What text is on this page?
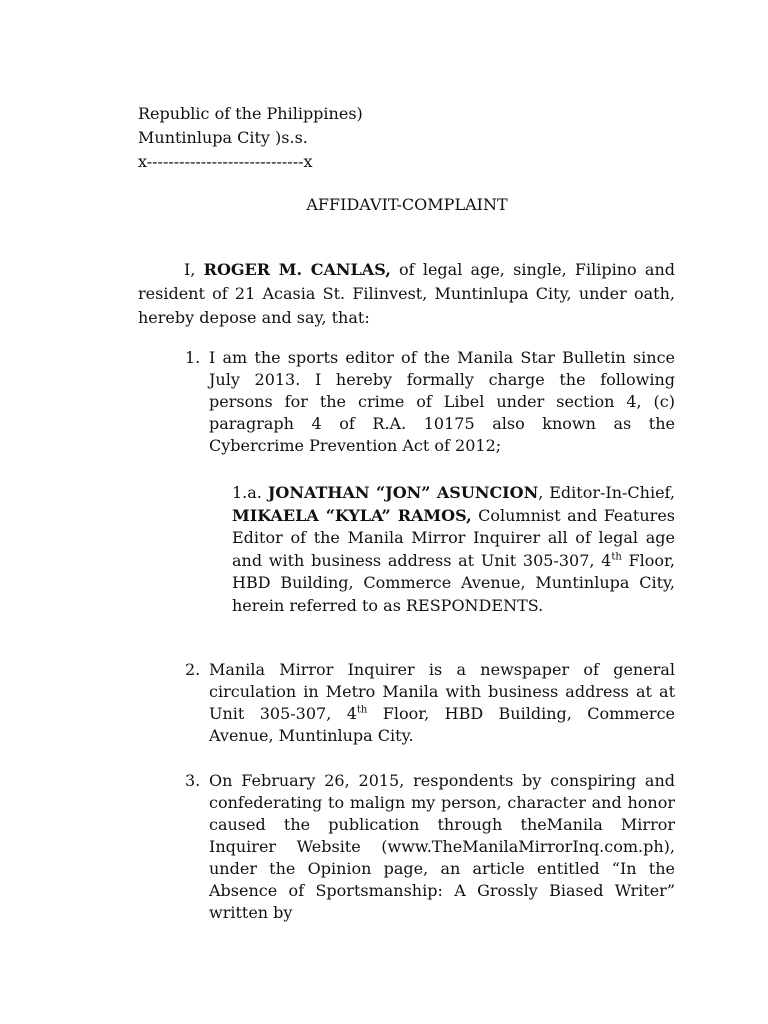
Republic of the Philippines)
Muntinlupa City )s.s.
x-----------------------------x
AFFIDAVIT-COMPLAINT
I, ROGER M. CANLAS, of legal age, single, Filipino and resident of 21 Acasia St. Filinvest, Muntinlupa City, under oath, hereby depose and say, that:
1. I am the sports editor of the Manila Star Bulletin since July 2013. I hereby formally charge the following persons for the crime of Libel under section 4, (c) paragraph 4 of R.A. 10175 also known as the Cybercrime Prevention Act of 2012;
1.a. JONATHAN “JON” ASUNCION, Editor-In-Chief, MIKAELA “KYLA” RAMOS, Columnist and Features Editor of the Manila Mirror Inquirer all of legal age and with business address at Unit 305-307, 4th Floor, HBD Building, Commerce Avenue, Muntinlupa City, herein referred to as RESPONDENTS.
2. Manila Mirror Inquirer is a newspaper of general circulation in Metro Manila with business address at at Unit 305-307, 4th Floor, HBD Building, Commerce Avenue, Muntinlupa City.
3. On February 26, 2015, respondents by conspiring and confederating to malign my person, character and honor caused the publication through theManila Mirror Inquirer Website (www.TheManilaMirrorInq.com.ph), under the Opinion page, an article entitled “In the Absence of Sportsmanship: A Grossly Biased Writer” written by
